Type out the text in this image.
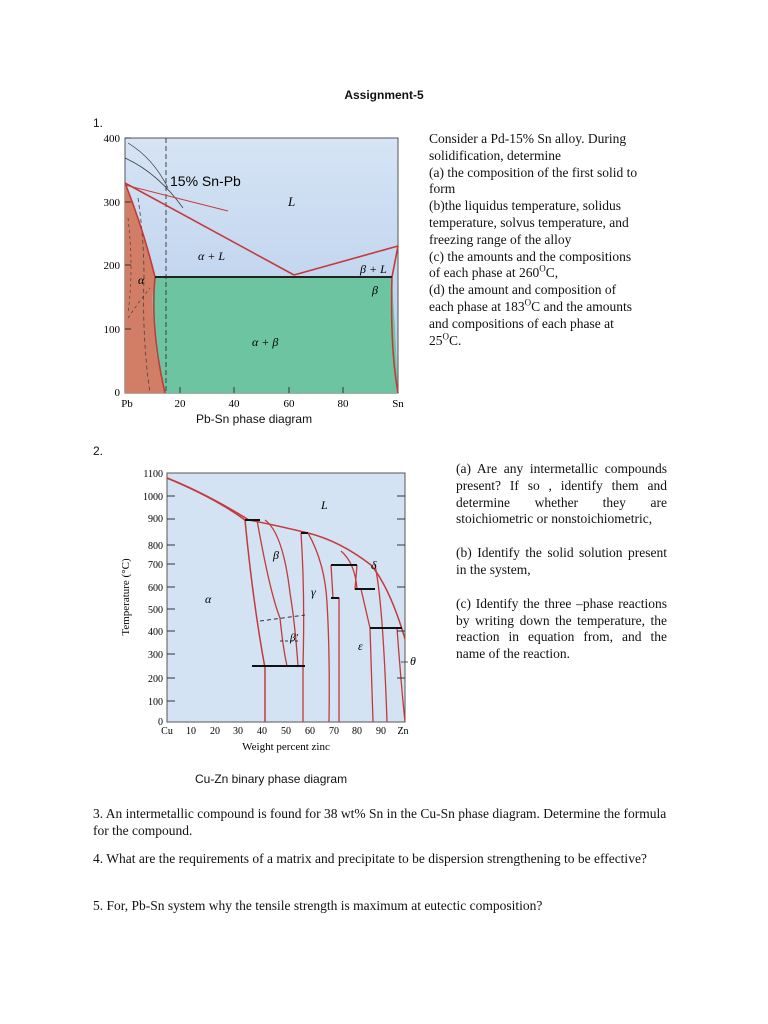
Assignment-5
1.
15% Sn-Pb
L
α + L
β + L
α
β
α + β
400
300
200
100
0
Pb	20	40	60	80	Sn
Pb-Sn phase diagram
Consider a Pd-15% Sn alloy. During
solidification, determine
(a) the composition of the first solid to
form
(b)the liquidus temperature, solidus
temperature, solvus temperature, and
freezing range of the alloy
(c) the amounts and the compositions
of each phase at $260^OC$,
(d) the amount and composition of
each phase at $183^OC$ and the amounts
and compositions of each phase at
$25^OC$.
2.
L
α
β
β'
γ
δ
ε
θ
1100
1000
900
800
700
600
500
400
300
200
100
0
Cu 10 20 30 40 50 60 70 80 90 Zn
Weight percent zinc
Temperature (°C)
Cu-Zn binary phase diagram

(a) Are any intermetallic compounds present? If so , identify them and determine whether they are stoichiometric or nonstoichiometric,

(b) Identify the solid solution present in the system,

(c) Identify the three –phase reactions by writing down the temperature, the reaction in equation from, and the name of the reaction.

3. An intermetallic compound is found for 38 wt% Sn in the Cu-Sn phase diagram. Determine the formula for the compound.
4. What are the requirements of a matrix and precipitate to be dispersion strengthening to be effective?
5. For, Pb-Sn system why the tensile strength is maximum at eutectic composition?
